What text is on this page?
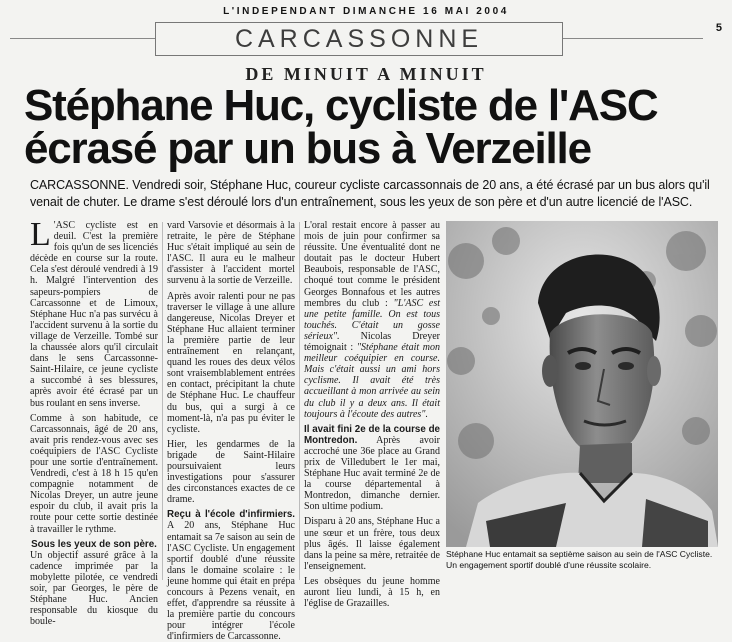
L'INDEPENDANT DIMANCHE 16 MAI 2004
5
CARCASSONNE
DE MINUIT A MINUIT
Stéphane Huc, cycliste de l'ASC
écrasé par un bus à Verzeille
CARCASSONNE. Vendredi soir, Stéphane Huc, coureur cycliste carcassonnais de 20 ans, a été écrasé par un bus alors qu'il venait de chuter. Le drame s'est déroulé lors d'un entraînement, sous les yeux de son père et d'un autre licencié de l'ASC.

L 'ASC cycliste est en deuil. C'est la première fois qu'un de ses licenciés décède en course sur la route. Cela s'est déroulé vendredi à 19 h. Malgré l'intervention des sapeurs-pompiers de Carcassonne et de Limoux, Stéphane Huc n'a pas survécu à l'accident survenu à la sortie du village de Verzeille. Tombé sur la chaussée alors qu'il circulait dans le sens Carcassonne-Saint-Hilaire, ce jeune cycliste a succombé à ses blessures, après avoir été écrasé par un bus roulant en sens inverse.

Comme à son habitude, ce Carcassonnais, âgé de 20 ans, avait pris rendez-vous avec ses coéquipiers de l'ASC Cycliste pour une sortie d'entraînement. Vendredi, c'est à 18 h 15 qu'en compagnie notamment de Nicolas Dreyer, un autre jeune espoir du club, il avait pris la route pour cette sortie destinée à travailler le rythme.

Sous les yeux de son père.

Un objectif assuré grâce à la cadence imprimée par la mobylette pilotée, ce vendredi soir, par Georges, le père de Stéphane Huc. Ancien responsable du kiosque du boule-

vard Varsovie et désormais à la retraite, le père de Stéphane Huc s'était impliqué au sein de l'ASC. Il aura eu le malheur d'assister à l'accident mortel survenu à la sortie de Verzeille.

Après avoir ralenti pour ne pas traverser le village à une allure dangereuse, Nicolas Dreyer et Stéphane Huc allaient terminer la première partie de leur entraînement en relançant, quand les roues des deux vélos sont vraisemblablement entrées en contact, précipitant la chute de Stéphane Huc. Le chauffeur du bus, qui a surgi à ce moment-là, n'a pas pu éviter le cycliste.

Hier, les gendarmes de la brigade de Saint-Hilaire poursuivaient leurs investigations pour s'assurer des circonstances exactes de ce drame.

Reçu à l'école d'infirmiers. A 20 ans, Stéphane Huc entamait sa 7e saison au sein de l'ASC Cycliste. Un engagement sportif doublé d'une réussite dans le domaine scolaire : le jeune homme qui était en prépa concours à Pezens venait, en effet, d'apprendre sa réussite à la première partie du concours pour intégrer l'école d'infirmiers de Carcassonne.

L'oral restait encore à passer au mois de juin pour confirmer sa réussite. Une éventualité dont ne doutait pas le docteur Hubert Beaubois, responsable de l'ASC, choqué tout comme le président Georges Bonnafous et les autres membres du club : "L'ASC est une petite famille. On est tous touchés. C'était un gosse sérieux". Nicolas Dreyer témoignait : "Stéphane était mon meilleur coéquipier en course. Mais c'était aussi un ami hors cyclisme. Il avait été très accueillant à mon arrivée au sein du club il y a deux ans. Il était toujours à l'écoute des autres".

Il avait fini 2e de la course de Montredon. Après avoir accroché une 36e place au Grand prix de Villedubert le 1er mai, Stéphane Huc avait terminé 2e de la course départemental à Montredon, dimanche dernier. Son ultime podium.

Disparu à 20 ans, Stéphane Huc a une sœur et un frère, tous deux plus âgés. Il laisse également dans la peine sa mère, retraitée de l'enseignement.

Les obsèques du jeune homme auront lieu lundi, à 15 h, en l'église de Grazailles.

Stéphane Huc entamait sa septième saison au sein de l'ASC Cycliste. Un engagement sportif doublé d'une réussite scolaire.
